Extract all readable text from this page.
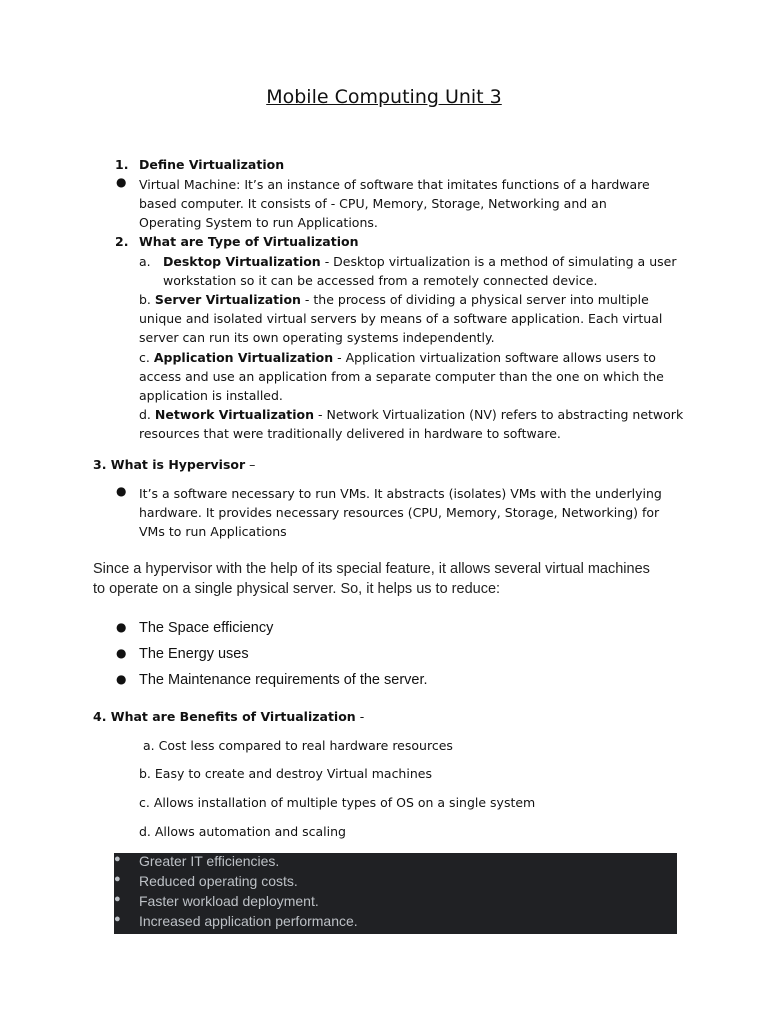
Mobile Computing Unit 3
1. Define Virtualization
● Virtual Machine: It’s an instance of software that imitates functions of a hardware
based computer. It consists of - CPU, Memory, Storage, Networking and an
Operating System to run Applications.
2. What are Type of Virtualization
a. Desktop Virtualization - Desktop virtualization is a method of simulating a user
workstation so it can be accessed from a remotely connected device.
b. Server Virtualization - the process of dividing a physical server into multiple
unique and isolated virtual servers by means of a software application. Each virtual
server can run its own operating systems independently.
c. Application Virtualization - Application virtualization software allows users to
access and use an application from a separate computer than the one on which the
application is installed.
d. Network Virtualization - Network Virtualization (NV) refers to abstracting network
resources that were traditionally delivered in hardware to software.
3. What is Hypervisor –
● It’s a software necessary to run VMs. It abstracts (isolates) VMs with the underlying
hardware. It provides necessary resources (CPU, Memory, Storage, Networking) for
VMs to run Applications
Since a hypervisor with the help of its special feature, it allows several virtual machines
to operate on a single physical server. So, it helps us to reduce:
● The Space efficiency
● The Energy uses
● The Maintenance requirements of the server.
4. What are Benefits of Virtualization -
a. Cost less compared to real hardware resources
b. Easy to create and destroy Virtual machines
c. Allows installation of multiple types of OS on a single system
d. Allows automation and scaling
● Greater IT efficiencies.
● Reduced operating costs.
● Faster workload deployment.
● Increased application performance.
